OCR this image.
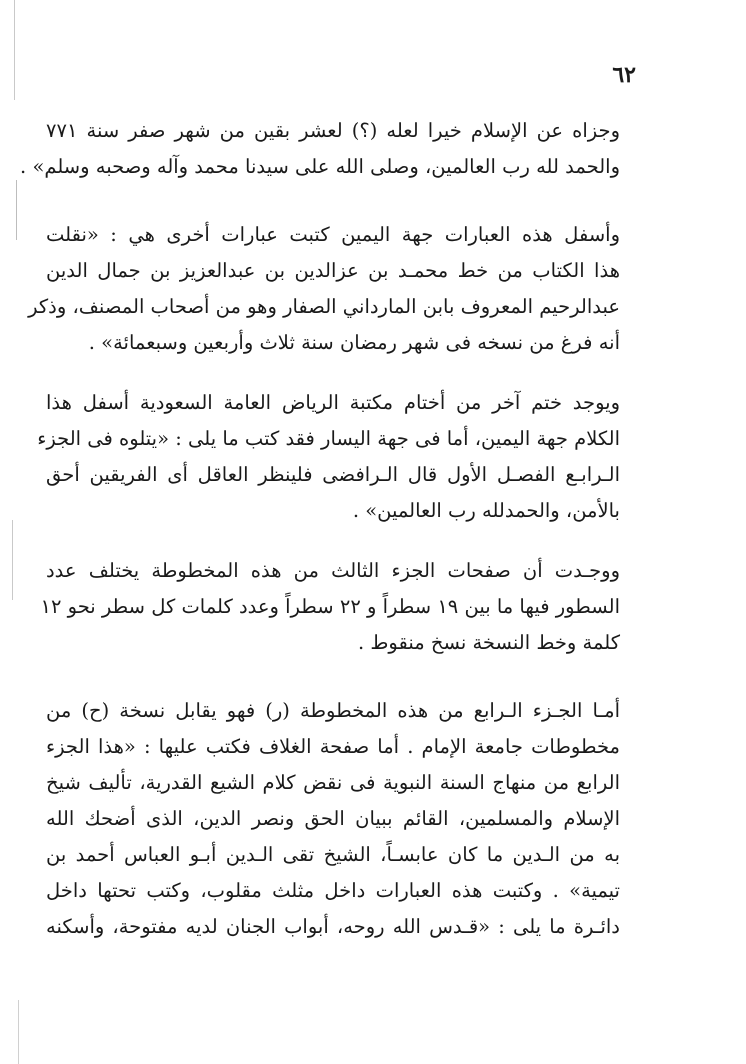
٦٢
وجزاه عن الإسلام خيرا لعله (؟) لعشر بقين من شهر صفر سنة ٧٧١
والحمد لله رب العالمين، وصلى الله على سيدنا محمد وآله وصحبه وسلم» .
وأسفل هذه العبارات جهة اليمين كتبت عبارات أخرى هي : «نقلت
هذا الكتاب من خط محمـد بن عزالدين بن عبدالعزيز بن جمال الدين
عبدالرحيم المعروف بابن المارداني الصفار وهو من أصحاب المصنف، وذكر
أنه فرغ من نسخه فى شهر رمضان سنة ثلاث وأربعين وسبعمائة» .
ويوجد ختم آخر من أختام مكتبة الرياض العامة السعودية أسفل هذا
الكلام جهة اليمين، أما فى جهة اليسار فقد كتب ما يلى : «يتلوه فى الجزء
الـرابـع الفصـل الأول قال الـرافضى فلينظر العاقل أى الفريقين أحق
بالأمن، والحمدلله رب العالمين» .
ووجـدت أن صفحات الجزء الثالث من هذه المخطوطة يختلف عدد
السطور فيها ما بين ١٩ سطراً و ٢٢ سطراً وعدد كلمات كل سطر نحو ١٢
كلمة وخط النسخة نسخ منقوط .
أمـا الجـزء الـرابع من هذه المخطوطة (ر) فهو يقابل نسخة (ح) من
مخطوطات جامعة الإمام . أما صفحة الغلاف فكتب عليها : «هذا الجزء
الرابع من منهاج السنة النبوية فى نقض كلام الشيع القدرية، تأليف شيخ
الإسلام والمسلمين، القائم ببيان الحق ونصر الدين، الذى أضحك الله
به من الـدين ما كان عابسـاً، الشيخ تقى الـدين أبـو العباس أحمد بن
تيمية» . وكتبت هذه العبارات داخل مثلث مقلوب، وكتب تحتها داخل
دائـرة ما يلى : «قـدس الله روحه، أبواب الجنان لديه مفتوحة، وأسكنه
